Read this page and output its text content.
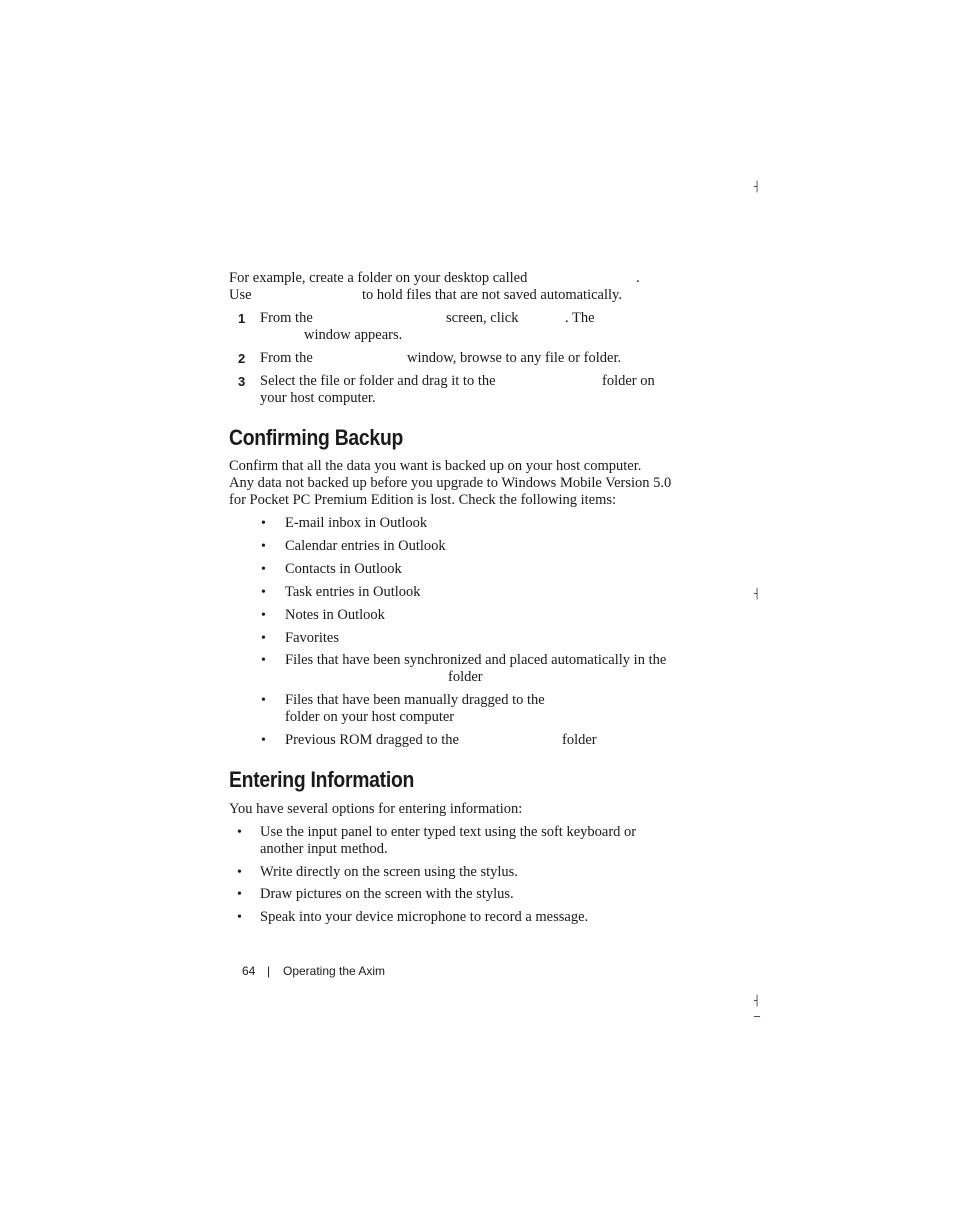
┤
┤
┤
─
For example, create a folder on your desktop called	.
Use	to hold files that are not saved automatically.
1 From the	screen, click	. The
window appears.
2 From the	window, browse to any file or folder.
3 Select the file or folder and drag it to the	folder on
your host computer.
Confirming Backup
Confirm that all the data you want is backed up on your host computer.
Any data not backed up before you upgrade to Windows Mobile Version 5.0
for Pocket PC Premium Edition is lost. Check the following items:
• E-mail inbox in Outlook
• Calendar entries in Outlook
• Contacts in Outlook
• Task entries in Outlook
• Notes in Outlook
• Favorites
• Files that have been synchronized and placed automatically in the
folder
• Files that have been manually dragged to the
folder on your host computer
• Previous ROM dragged to the	folder
Entering Information
You have several options for entering information:
• Use the input panel to enter typed text using the soft keyboard or
another input method.
• Write directly on the screen using the stylus.
• Draw pictures on the screen with the stylus.
• Speak into your device microphone to record a message.
64 | Operating the Axim
